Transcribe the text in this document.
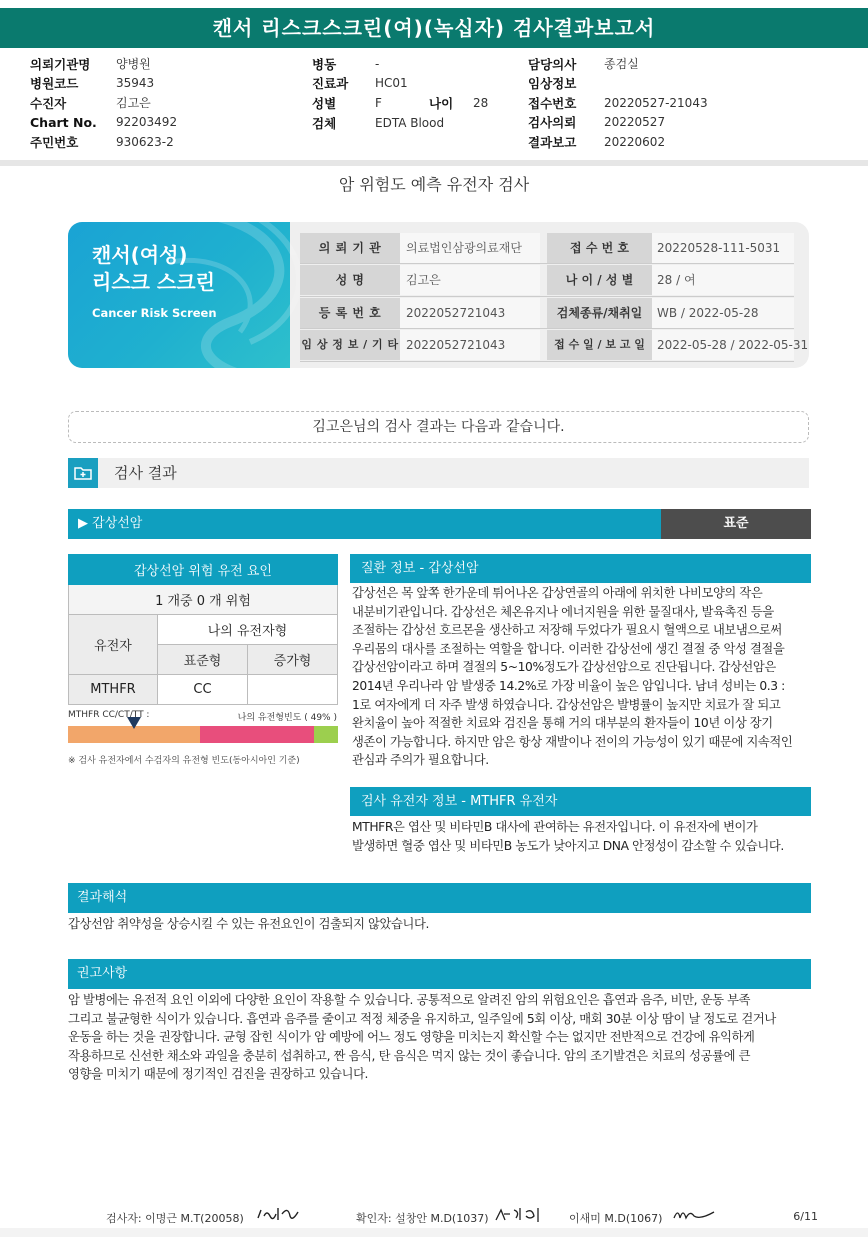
캔서 리스크스크린(여)(녹십자) 검사결과보고서
의뢰기관명	양병원
병원코드	35943
수진자	김고은
Chart No.	92203492
주민번호	930623-2
병동	-
진료과	HC01
성별	F	나이	28
검체	EDTA Blood
담당의사	종검실
임상정보
접수번호	20220527-21043
검사의뢰	20220527
결과보고	20220602
암 위험도 예측 유전자 검사
캔서(여성)
리스크 스크린
Cancer Risk Screen
의 뢰 기 관	의료법인삼광의료재단	접 수 번 호	20220528-111-5031
성 명	김고은	나 이 / 성 별	28 / 여
등 록 번 호	2022052721043	검체종류/채취일	WB / 2022-05-28
임 상 정 보 / 기 타 2022052721043	접 수 일 / 보 고 일	2022-05-28 / 2022-05-31
김고은님의 검사 결과는 다음과 같습니다.
검사 결과
▶ 갑상선암	표준
갑상선암 위험 유전 요인		
1 개중 0 개 위험		
유전자	나의 유전자형	
	표준형	증가형
MTHFR	CC	
MTHFR CC/CT/TT :	나의 유전형빈도 ( 49% )
※ 검사 유전자에서 수검자의 유전형 빈도(동아시아인 기준)
질환 정보 - 갑상선암
갑상선은 목 앞쪽 한가운데 튀어나온 갑상연골의 아래에 위치한 나비모양의 작은
내분비기관입니다. 갑상선은 체온유지나 에너지원을 위한 물질대사, 발육촉진 등을
조절하는 갑상선 호르몬을 생산하고 저장해 두었다가 필요시 혈액으로 내보냄으로써
우리몸의 대사를 조절하는 역할을 합니다. 이러한 갑상선에 생긴 결절 중 악성 결절을
갑상선암이라고 하며 결절의 5~10%정도가 갑상선암으로 진단됩니다. 갑상선암은
2014년 우리나라 암 발생중 14.2%로 가장 비율이 높은 암입니다. 남녀 성비는 0.3 :
1로 여자에게 더 자주 발생 하였습니다. 갑상선암은 발병률이 높지만 치료가 잘 되고
완치율이 높아 적절한 치료와 검진을 통해 거의 대부분의 환자들이 10년 이상 장기
생존이 가능합니다. 하지만 암은 항상 재발이나 전이의 가능성이 있기 때문에 지속적인
관심과 주의가 필요합니다.
검사 유전자 정보 - MTHFR 유전자
MTHFR은 엽산 및 비타민B 대사에 관여하는 유전자입니다. 이 유전자에 변이가
발생하면 혈중 엽산 및 비타민B 농도가 낮아지고 DNA 안정성이 감소할 수 있습니다.
결과해석
갑상선암 취약성을 상승시킬 수 있는 유전요인이 검출되지 않았습니다.
권고사항
암 발병에는 유전적 요인 이외에 다양한 요인이 작용할 수 있습니다. 공통적으로 알려진 암의 위험요인은 흡연과 음주, 비만, 운동 부족
그리고 불균형한 식이가 있습니다. 흡연과 음주를 줄이고 적정 체중을 유지하고, 일주일에 5회 이상, 매회 30분 이상 땀이 날 정도로 걷거나
운동을 하는 것을 권장합니다. 균형 잡힌 식이가 암 예방에 어느 정도 영향을 미치는지 확신할 수는 없지만 전반적으로 건강에 유익하게
작용하므로 신선한 채소와 과일을 충분히 섭취하고, 짠 음식, 탄 음식은 먹지 않는 것이 좋습니다. 암의 조기발견은 치료의 성공률에 큰
영향을 미치기 때문에 정기적인 검진을 권장하고 있습니다.
검사자: 이명근 M.T(20058)	확인자: 설창안 M.D(1037)	이새미 M.D(1067)	6/11
